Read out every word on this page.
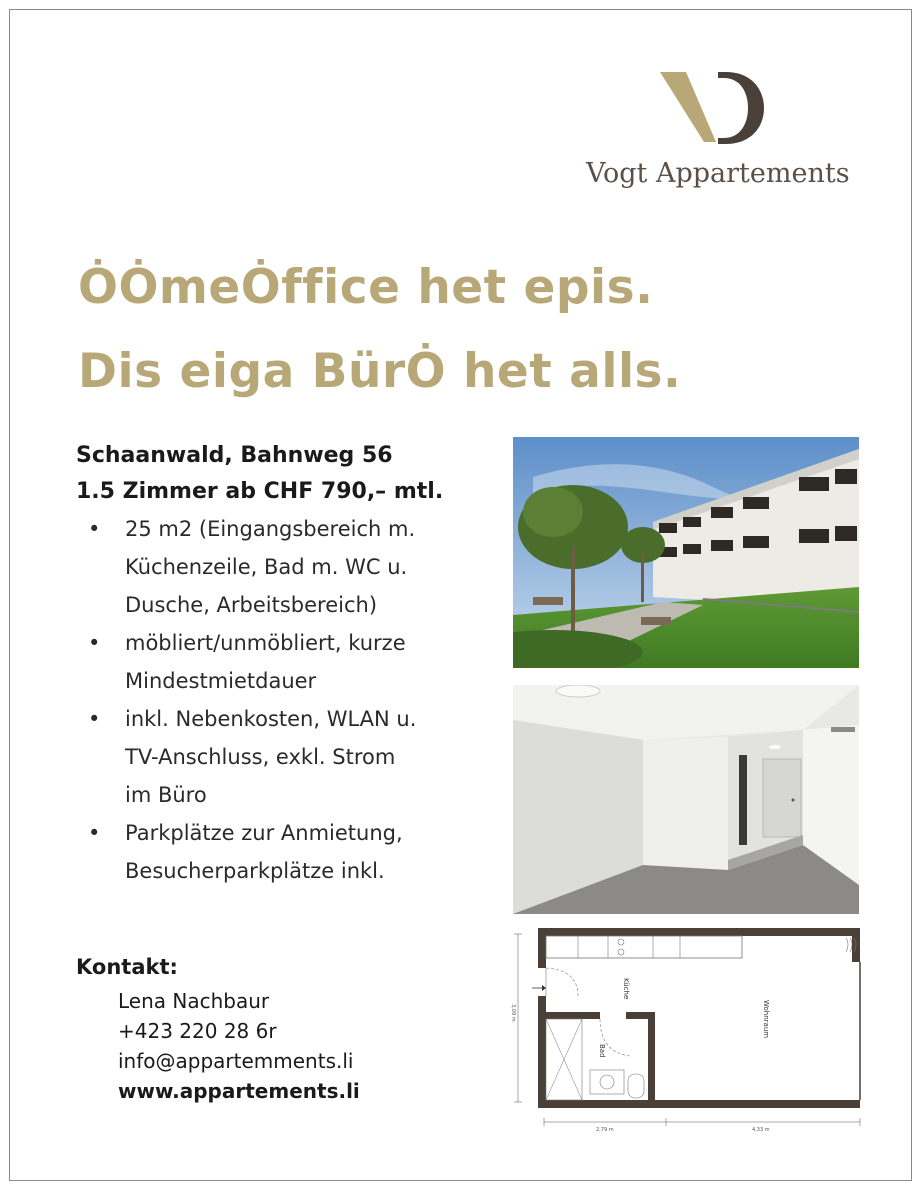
Vogt Appartements
ȮȮmeȮffice het epis.
Dis eiga BürȮ het alls.
Schaanwald, Bahnweg 56
1.5 Zimmer ab CHF 790,– mtl.
• 25 m2 (Eingangsbereich m.
Küchenzeile, Bad m. WC u.
Dusche, Arbeitsbereich)
• möbliert/unmöbliert, kurze
Mindestmietdauer
• inkl. Nebenkosten, WLAN u.
TV-Anschluss, exkl. Strom
im Büro
• Parkplätze zur Anmietung,
Besucherparkplätze inkl.
Kontakt:
Lena Nachbaur
+423 220 28 6r
info@appartemments.li
www.appartements.li
Küche
Wohnraum
Bad
2,79 m	4,33 m
3,09 m
